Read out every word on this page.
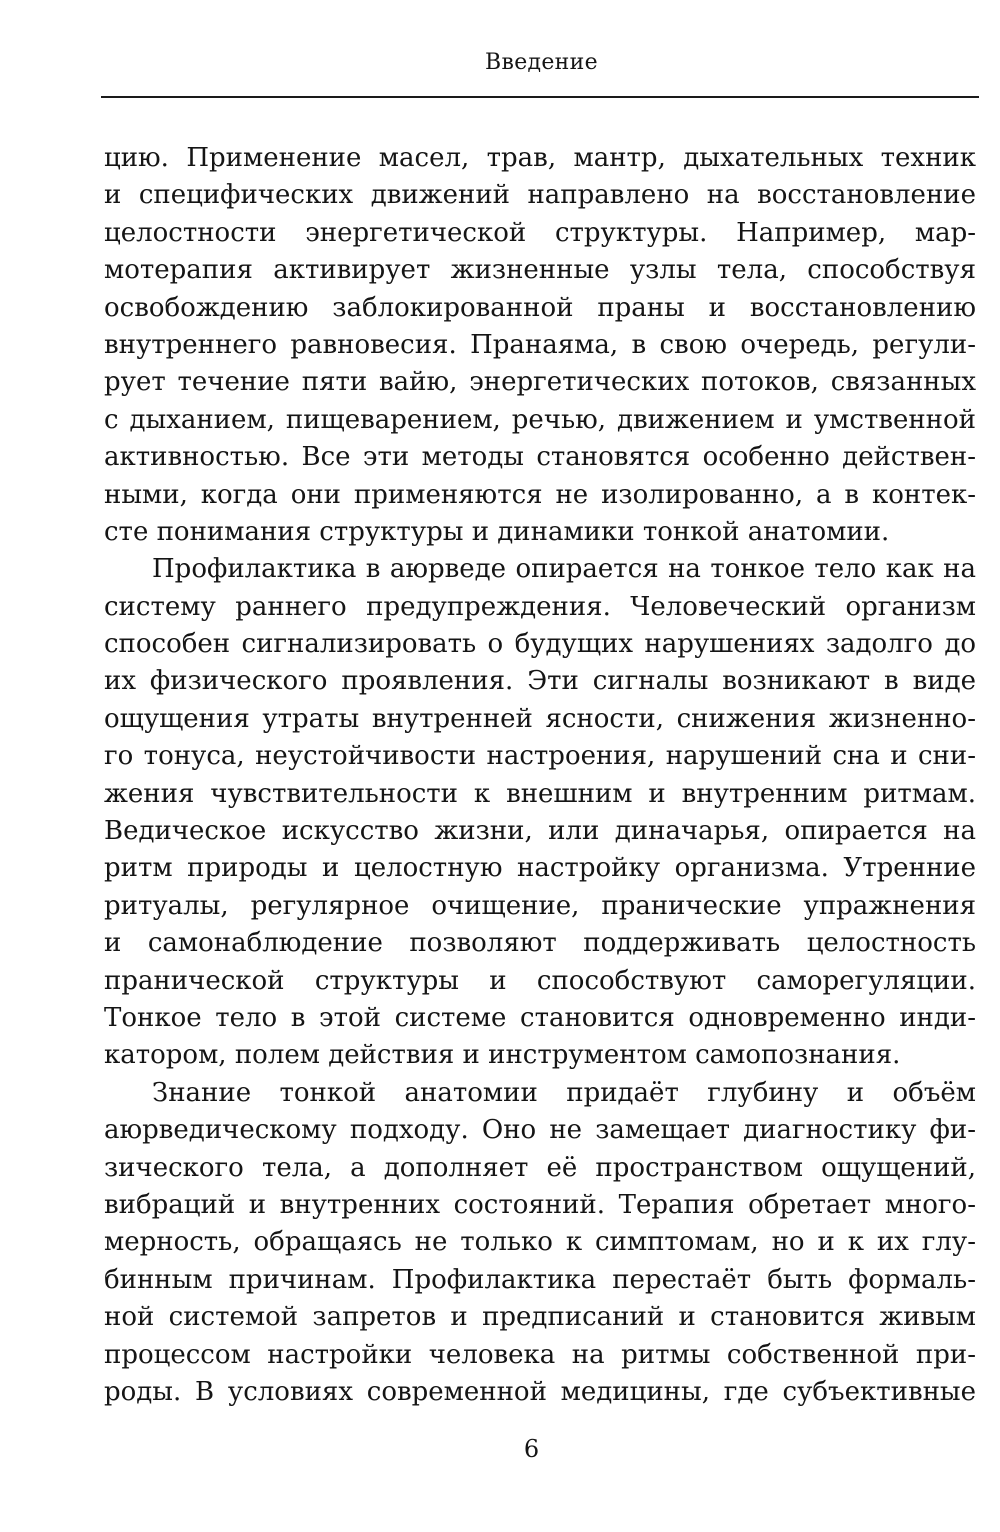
Введение
цию. Применение масел, трав, мантр, дыхательных техник
и специфических движений направлено на восстановление
целостности энергетической структуры. Например, мар-
мотерапия активирует жизненные узлы тела, способствуя
освобождению заблокированной праны и восстановлению
внутреннего равновесия. Пранаяма, в свою очередь, регули-
рует течение пяти вайю, энергетических потоков, связанных
с дыханием, пищеварением, речью, движением и умственной
активностью. Все эти методы становятся особенно действен-
ными, когда они применяются не изолированно, а в контек-
сте понимания структуры и динамики тонкой анатомии.
Профилактика в аюрведе опирается на тонкое тело как на
систему раннего предупреждения. Человеческий организм
способен сигнализировать о будущих нарушениях задолго до
их физического проявления. Эти сигналы возникают в виде
ощущения утраты внутренней ясности, снижения жизненно-
го тонуса, неустойчивости настроения, нарушений сна и сни-
жения чувствительности к внешним и внутренним ритмам.
Ведическое искусство жизни, или диначарья, опирается на
ритм природы и целостную настройку организма. Утренние
ритуалы, регулярное очищение, пранические упражнения
и самонаблюдение позволяют поддерживать целостность
пранической структуры и способствуют саморегуляции.
Тонкое тело в этой системе становится одновременно инди-
катором, полем действия и инструментом самопознания.
Знание тонкой анатомии придаёт глубину и объём
аюрведическому подходу. Оно не замещает диагностику фи-
зического тела, а дополняет её пространством ощущений,
вибраций и внутренних состояний. Терапия обретает много-
мерность, обращаясь не только к симптомам, но и к их глу-
бинным причинам. Профилактика перестаёт быть формаль-
ной системой запретов и предписаний и становится живым
процессом настройки человека на ритмы собственной при-
роды. В условиях современной медицины, где субъективные
6
